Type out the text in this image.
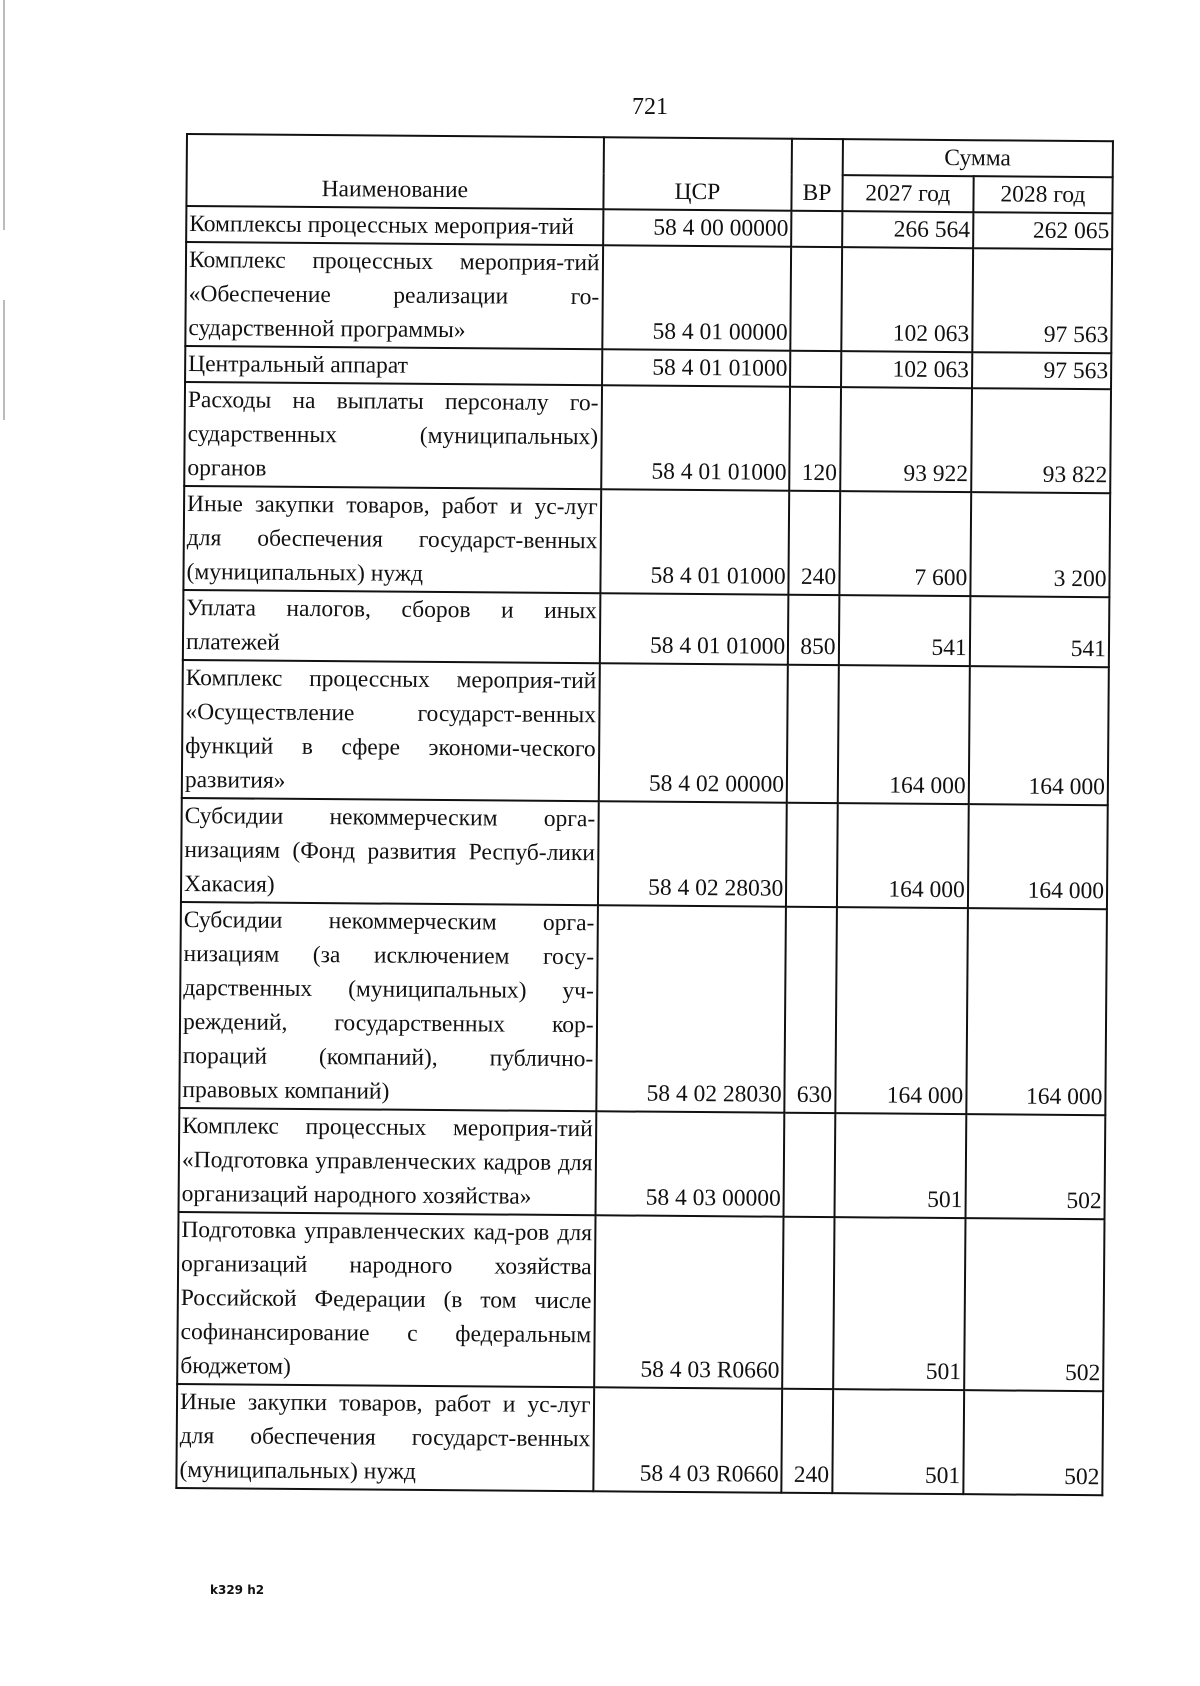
721
Наименование	ЦСР	ВР	Сумма	
			2027 год	2028 год
Комплексы процессных мероприя-тий	58 4 00 00000		266 564	262 065
Комплекс процессных мероприя-тий «Обеспечение реализации го-сударственной программы»	58 4 01 00000		102 063	97 563
Центральный аппарат	58 4 01 01000		102 063	97 563
Расходы на выплаты персоналу го-сударственных (муниципальных) органов	58 4 01 01000	120	93 922	93 822
Иные закупки товаров, работ и ус-луг для обеспечения государст-венных (муниципальных) нужд	58 4 01 01000	240	7 600	3 200
Уплата налогов, сборов и иных платежей	58 4 01 01000	850	541	541
Комплекс процессных мероприя-тий «Осуществление государст-венных функций в сфере экономи-ческого развития»	58 4 02 00000		164 000	164 000
Субсидии некоммерческим орга-низациям (Фонд развития Респуб-лики Хакасия)	58 4 02 28030		164 000	164 000
Субсидии некоммерческим орга-низациям (за исключением госу-дарственных (муниципальных) уч-реждений, государственных кор-пораций (компаний), публично-правовых компаний)	58 4 02 28030	630	164 000	164 000
Комплекс процессных мероприя-тий «Подготовка управленческих кадров для организаций народного хозяйства»	58 4 03 00000		501	502
Подготовка управленческих кад-ров для организаций народного хозяйства Российской Федерации (в том числе софинансирование с федеральным бюджетом)	58 4 03 R0660		501	502
Иные закупки товаров, работ и ус-луг для обеспечения государст-венных (муниципальных) нужд	58 4 03 R0660	240	501	502
k329 h2
